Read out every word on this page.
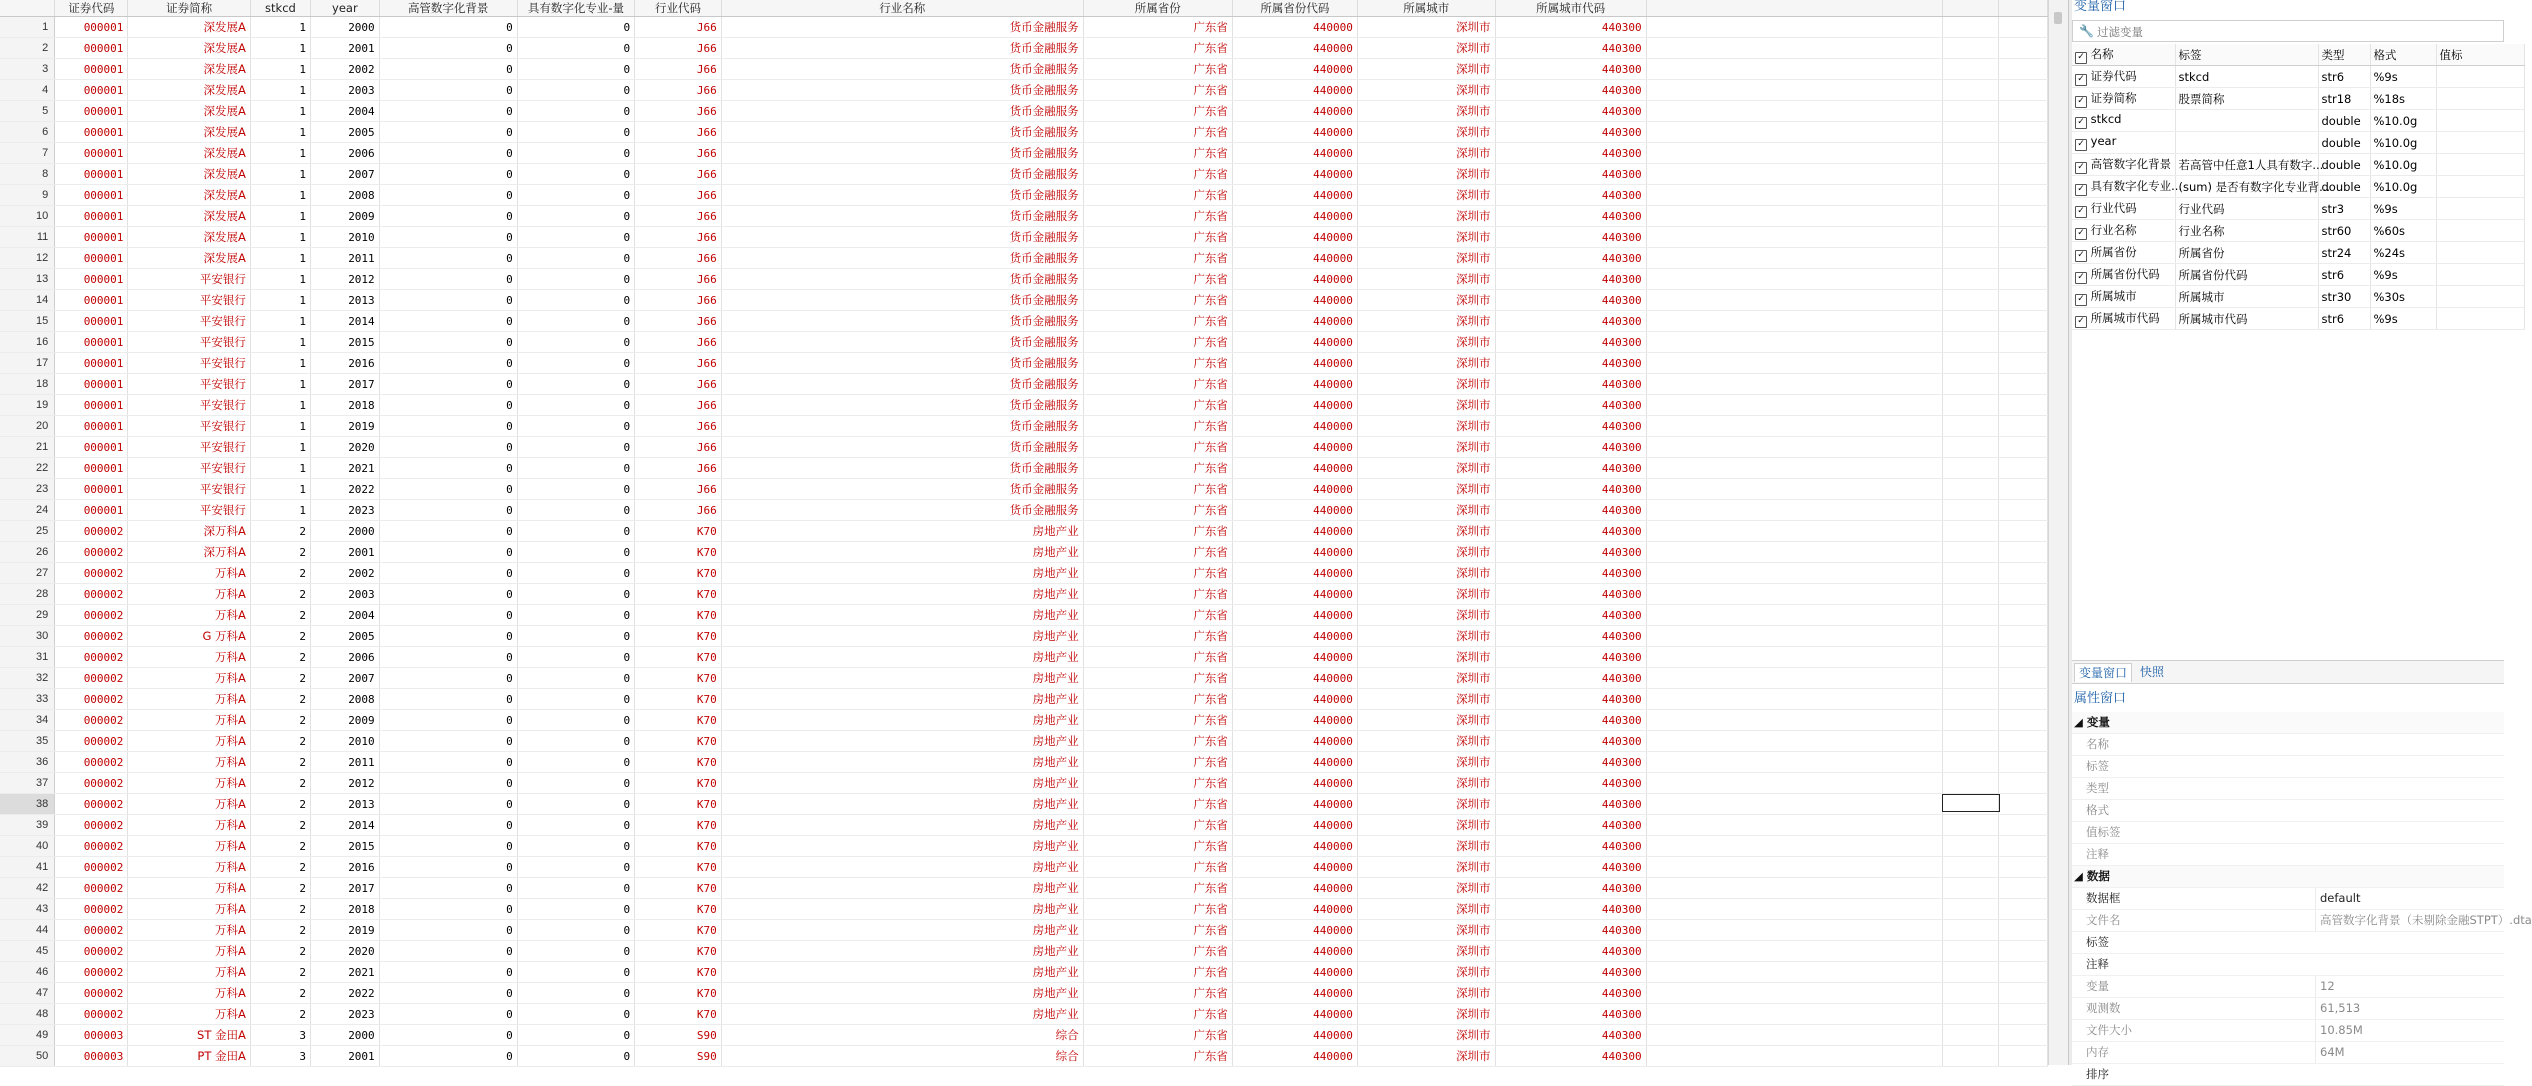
	证券代码	证券简称	stkcd	year	高管数字化背景	具有数字化专业-量	行业代码	行业名称	所属省份	所属省份代码	所属城市	所属城市代码			
1	000001	深发展A	1	2000	0	0	J66	货币金融服务	广东省	440000	深圳市	440300			
2	000001	深发展A	1	2001	0	0	J66	货币金融服务	广东省	440000	深圳市	440300			
3	000001	深发展A	1	2002	0	0	J66	货币金融服务	广东省	440000	深圳市	440300			
4	000001	深发展A	1	2003	0	0	J66	货币金融服务	广东省	440000	深圳市	440300			
5	000001	深发展A	1	2004	0	0	J66	货币金融服务	广东省	440000	深圳市	440300			
6	000001	深发展A	1	2005	0	0	J66	货币金融服务	广东省	440000	深圳市	440300			
7	000001	深发展A	1	2006	0	0	J66	货币金融服务	广东省	440000	深圳市	440300			
8	000001	深发展A	1	2007	0	0	J66	货币金融服务	广东省	440000	深圳市	440300			
9	000001	深发展A	1	2008	0	0	J66	货币金融服务	广东省	440000	深圳市	440300			
10	000001	深发展A	1	2009	0	0	J66	货币金融服务	广东省	440000	深圳市	440300			
11	000001	深发展A	1	2010	0	0	J66	货币金融服务	广东省	440000	深圳市	440300			
12	000001	深发展A	1	2011	0	0	J66	货币金融服务	广东省	440000	深圳市	440300			
13	000001	平安银行	1	2012	0	0	J66	货币金融服务	广东省	440000	深圳市	440300			
14	000001	平安银行	1	2013	0	0	J66	货币金融服务	广东省	440000	深圳市	440300			
15	000001	平安银行	1	2014	0	0	J66	货币金融服务	广东省	440000	深圳市	440300			
16	000001	平安银行	1	2015	0	0	J66	货币金融服务	广东省	440000	深圳市	440300			
17	000001	平安银行	1	2016	0	0	J66	货币金融服务	广东省	440000	深圳市	440300			
18	000001	平安银行	1	2017	0	0	J66	货币金融服务	广东省	440000	深圳市	440300			
19	000001	平安银行	1	2018	0	0	J66	货币金融服务	广东省	440000	深圳市	440300			
20	000001	平安银行	1	2019	0	0	J66	货币金融服务	广东省	440000	深圳市	440300			
21	000001	平安银行	1	2020	0	0	J66	货币金融服务	广东省	440000	深圳市	440300			
22	000001	平安银行	1	2021	0	0	J66	货币金融服务	广东省	440000	深圳市	440300			
23	000001	平安银行	1	2022	0	0	J66	货币金融服务	广东省	440000	深圳市	440300			
24	000001	平安银行	1	2023	0	0	J66	货币金融服务	广东省	440000	深圳市	440300			
25	000002	深万科A	2	2000	0	0	K70	房地产业	广东省	440000	深圳市	440300			
26	000002	深万科A	2	2001	0	0	K70	房地产业	广东省	440000	深圳市	440300			
27	000002	万科A	2	2002	0	0	K70	房地产业	广东省	440000	深圳市	440300			
28	000002	万科A	2	2003	0	0	K70	房地产业	广东省	440000	深圳市	440300			
29	000002	万科A	2	2004	0	0	K70	房地产业	广东省	440000	深圳市	440300			
30	000002	G 万科A	2	2005	0	0	K70	房地产业	广东省	440000	深圳市	440300			
31	000002	万科A	2	2006	0	0	K70	房地产业	广东省	440000	深圳市	440300			
32	000002	万科A	2	2007	0	0	K70	房地产业	广东省	440000	深圳市	440300			
33	000002	万科A	2	2008	0	0	K70	房地产业	广东省	440000	深圳市	440300			
34	000002	万科A	2	2009	0	0	K70	房地产业	广东省	440000	深圳市	440300			
35	000002	万科A	2	2010	0	0	K70	房地产业	广东省	440000	深圳市	440300			
36	000002	万科A	2	2011	0	0	K70	房地产业	广东省	440000	深圳市	440300			
37	000002	万科A	2	2012	0	0	K70	房地产业	广东省	440000	深圳市	440300			
38	000002	万科A	2	2013	0	0	K70	房地产业	广东省	440000	深圳市	440300			
39	000002	万科A	2	2014	0	0	K70	房地产业	广东省	440000	深圳市	440300			
40	000002	万科A	2	2015	0	0	K70	房地产业	广东省	440000	深圳市	440300			
41	000002	万科A	2	2016	0	0	K70	房地产业	广东省	440000	深圳市	440300			
42	000002	万科A	2	2017	0	0	K70	房地产业	广东省	440000	深圳市	440300			
43	000002	万科A	2	2018	0	0	K70	房地产业	广东省	440000	深圳市	440300			
44	000002	万科A	2	2019	0	0	K70	房地产业	广东省	440000	深圳市	440300			
45	000002	万科A	2	2020	0	0	K70	房地产业	广东省	440000	深圳市	440300			
46	000002	万科A	2	2021	0	0	K70	房地产业	广东省	440000	深圳市	440300			
47	000002	万科A	2	2022	0	0	K70	房地产业	广东省	440000	深圳市	440300			
48	000002	万科A	2	2023	0	0	K70	房地产业	广东省	440000	深圳市	440300			
49	000003	ST 金田A	3	2000	0	0	S90	综合	广东省	440000	深圳市	440300			
50	000003	PT 金田A	3	2001	0	0	S90	综合	广东省	440000	深圳市	440300			
变量窗口
🔧
过滤变量
✓ 名称	标签	类型	格式	值标
✓ 证券代码	stkcd	str6	%9s	
✓ 证券简称	股票简称	str18	%18s	
✓ stkcd		double	%10.0g	
✓ year		double	%10.0g	
✓ 高管数字化背景	若高管中任意1人具有数字...	double	%10.0g	
✓ 具有数字化专业...	(sum) 是否有数字化专业背...	double	%10.0g	
✓ 行业代码	行业代码	str3	%9s	
✓ 行业名称	行业名称	str60	%60s	
✓ 所属省份	所属省份	str24	%24s	
✓ 所属省份代码	所属省份代码	str6	%9s	
✓ 所属城市	所属城市	str30	%30s	
✓ 所属城市代码	所属城市代码	str6	%9s	
变量窗口	快照
属性窗口
◢ 变量
名称
标签
类型
格式
值标签
注释
◢ 数据
数据框	default
文件名	高管数字化背景（未剔除金融STPT）.dta
标签
注释
变量	12
观测数	61,513
文件大小	10.85M
内存	64M
排序
